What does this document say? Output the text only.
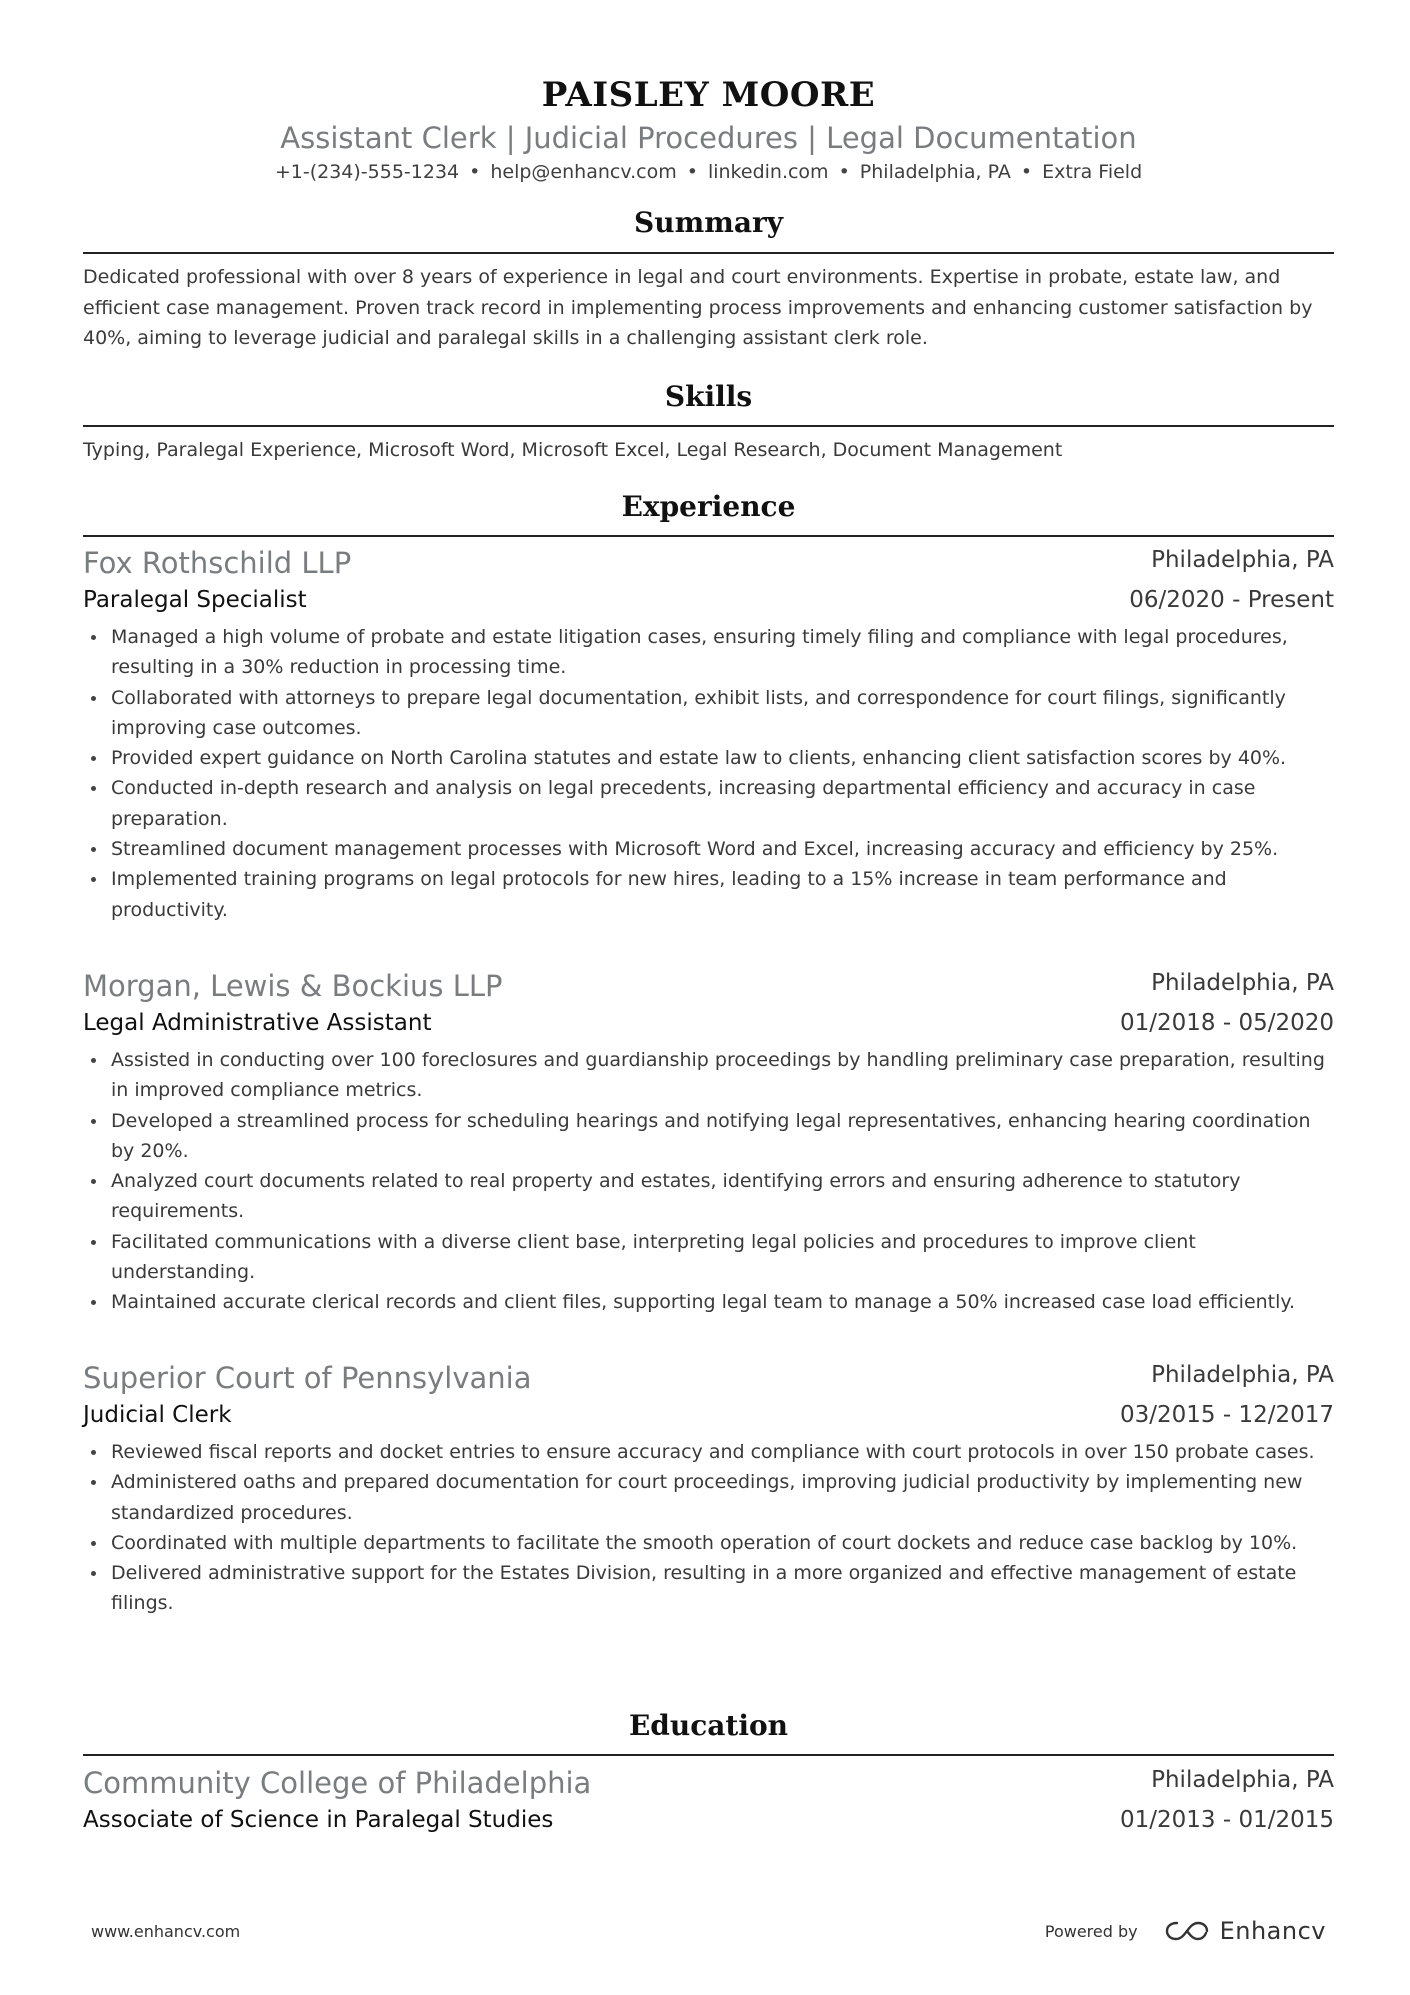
PAISLEY MOORE
Assistant Clerk | Judicial Procedures | Legal Documentation
+1-(234)-555-1234 • help@enhancv.com • linkedin.com • Philadelphia, PA • Extra Field
Summary
Dedicated professional with over 8 years of experience in legal and court environments. Expertise in probate, estate law, and efficient case management. Proven track record in implementing process improvements and enhancing customer satisfaction by 40%, aiming to leverage judicial and paralegal skills in a challenging assistant clerk role.
Skills
Typing, Paralegal Experience, Microsoft Word, Microsoft Excel, Legal Research, Document Management
Experience
Fox Rothschild LLP	Philadelphia, PA
Paralegal Specialist	06/2020 - Present
Managed a high volume of probate and estate litigation cases, ensuring timely filing and compliance with legal procedures, resulting in a 30% reduction in processing time.
Collaborated with attorneys to prepare legal documentation, exhibit lists, and correspondence for court filings, significantly improving case outcomes.
Provided expert guidance on North Carolina statutes and estate law to clients, enhancing client satisfaction scores by 40%.
Conducted in-depth research and analysis on legal precedents, increasing departmental efficiency and accuracy in case preparation.
Streamlined document management processes with Microsoft Word and Excel, increasing accuracy and efficiency by 25%.
Implemented training programs on legal protocols for new hires, leading to a 15% increase in team performance and productivity.
Morgan, Lewis & Bockius LLP	Philadelphia, PA
Legal Administrative Assistant	01/2018 - 05/2020
Assisted in conducting over 100 foreclosures and guardianship proceedings by handling preliminary case preparation, resulting in improved compliance metrics.
Developed a streamlined process for scheduling hearings and notifying legal representatives, enhancing hearing coordination by 20%.
Analyzed court documents related to real property and estates, identifying errors and ensuring adherence to statutory requirements.
Facilitated communications with a diverse client base, interpreting legal policies and procedures to improve client understanding.
Maintained accurate clerical records and client files, supporting legal team to manage a 50% increased case load efficiently.
Superior Court of Pennsylvania	Philadelphia, PA
Judicial Clerk	03/2015 - 12/2017
Reviewed fiscal reports and docket entries to ensure accuracy and compliance with court protocols in over 150 probate cases.
Administered oaths and prepared documentation for court proceedings, improving judicial productivity by implementing new standardized procedures.
Coordinated with multiple departments to facilitate the smooth operation of court dockets and reduce case backlog by 10%.
Delivered administrative support for the Estates Division, resulting in a more organized and effective management of estate filings.
Education
Community College of Philadelphia	Philadelphia, PA
Associate of Science in Paralegal Studies	01/2013 - 01/2015
www.enhancv.com	Powered by	Enhancv
